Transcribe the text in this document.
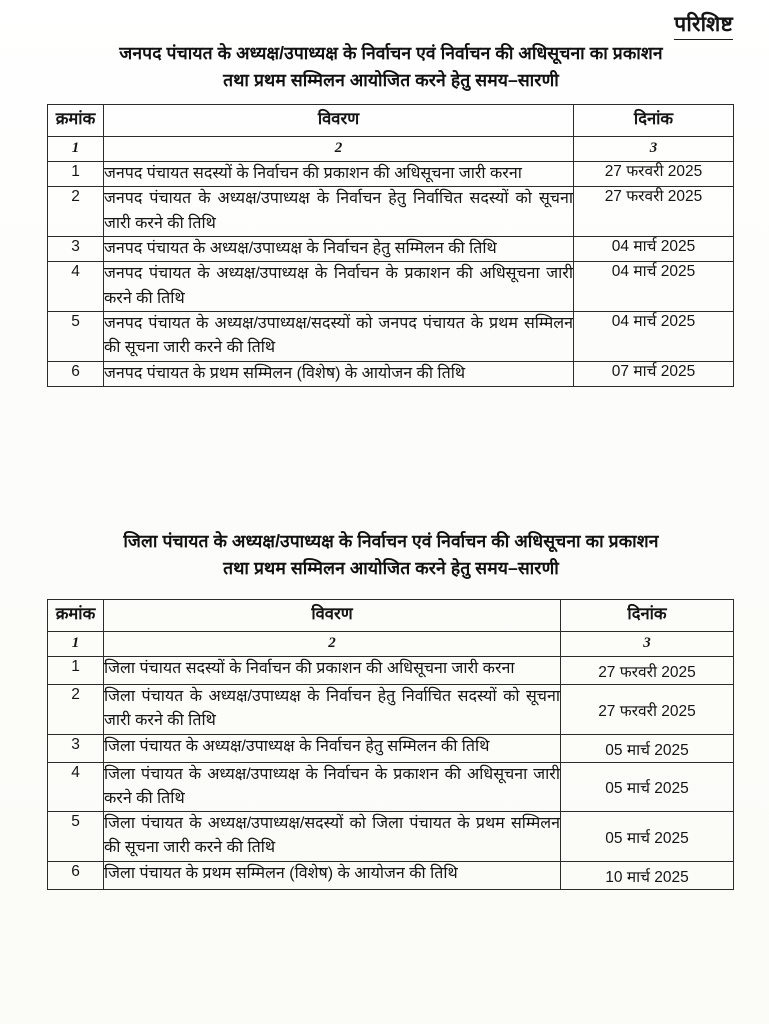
परिशिष्ट
जनपद पंचायत के अध्यक्ष/उपाध्यक्ष के निर्वाचन एवं निर्वाचन की अधिसूचना का प्रकाशन
तथा प्रथम सम्मिलन आयोजित करने हेतु समय–सारणी
क्रमांक	विवरण	दिनांक

1	2	3

1	जनपद पंचायत सदस्यों के निर्वाचन की प्रकाशन की अधिसूचना जारी करना	27 फरवरी 2025
2	जनपद पंचायत के अध्यक्ष/उपाध्यक्ष के निर्वाचन हेतु निर्वाचित सदस्यों को सूचना जारी करने की तिथि	27 फरवरी 2025
3	जनपद पंचायत के अध्यक्ष/उपाध्यक्ष के निर्वाचन हेतु सम्मिलन की तिथि	04 मार्च 2025
4	जनपद पंचायत के अध्यक्ष/उपाध्यक्ष के निर्वाचन के प्रकाशन की अधिसूचना जारी करने की तिथि	04 मार्च 2025
5	जनपद पंचायत के अध्यक्ष/उपाध्यक्ष/सदस्यों को जनपद पंचायत के प्रथम सम्मिलन की सूचना जारी करने की तिथि	04 मार्च 2025
6	जनपद पंचायत के प्रथम सम्मिलन (विशेष) के आयोजन की तिथि	07 मार्च 2025
जिला पंचायत के अध्यक्ष/उपाध्यक्ष के निर्वाचन एवं निर्वाचन की अधिसूचना का प्रकाशन
तथा प्रथम सम्मिलन आयोजित करने हेतु समय–सारणी
क्रमांक	विवरण	दिनांक

1	2	3

1	जिला पंचायत सदस्यों के निर्वाचन की प्रकाशन की अधिसूचना जारी करना	27 फरवरी 2025
2	जिला पंचायत के अध्यक्ष/उपाध्यक्ष के निर्वाचन हेतु निर्वाचित सदस्यों को सूचना जारी करने की तिथि	27 फरवरी 2025
3	जिला पंचायत के अध्यक्ष/उपाध्यक्ष के निर्वाचन हेतु सम्मिलन की तिथि	05 मार्च 2025
4	जिला पंचायत के अध्यक्ष/उपाध्यक्ष के निर्वाचन के प्रकाशन की अधिसूचना जारी करने की तिथि	05 मार्च 2025
5	जिला पंचायत के अध्यक्ष/उपाध्यक्ष/सदस्यों को जिला पंचायत के प्रथम सम्मिलन की सूचना जारी करने की तिथि	05 मार्च 2025
6	जिला पंचायत के प्रथम सम्मिलन (विशेष) के आयोजन की तिथि	10 मार्च 2025
